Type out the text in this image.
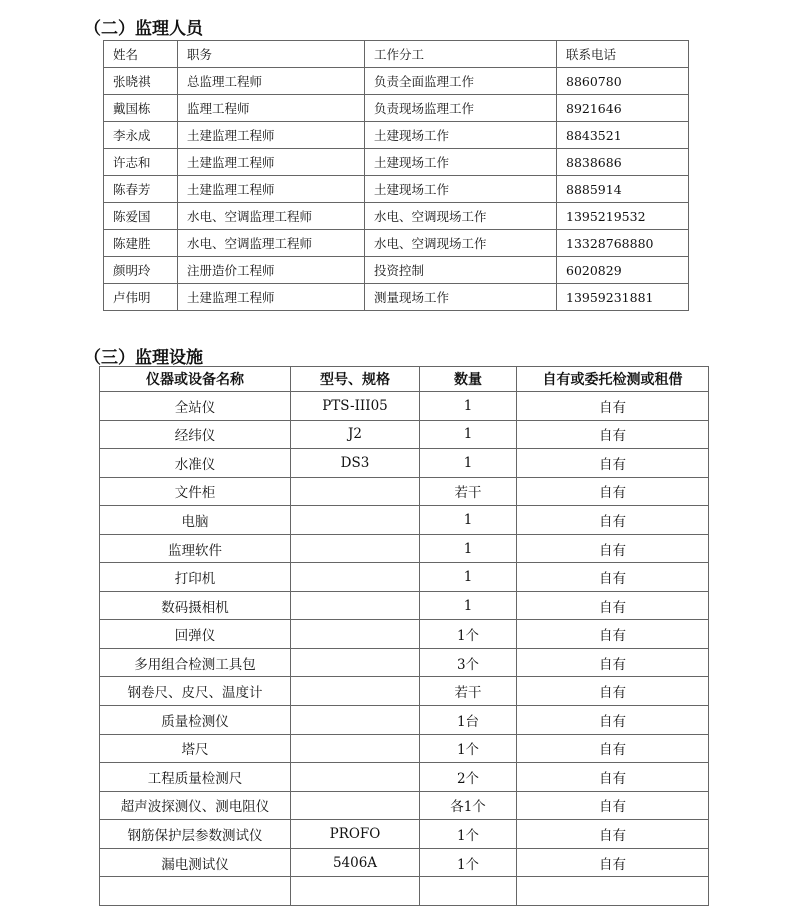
（二）监理人员
姓名	职务	工作分工	联系电话
张晓祺	总监理工程师	负责全面监理工作	8860780
戴国栋	监理工程师	负责现场监理工作	8921646
李永成	土建监理工程师	土建现场工作	8843521
许志和	土建监理工程师	土建现场工作	8838686
陈春芳	土建监理工程师	土建现场工作	8885914
陈爱国	水电、空调监理工程师	水电、空调现场工作	1395219532
陈建胜	水电、空调监理工程师	水电、空调现场工作	13328768880
颜明玲	注册造价工程师	投资控制	6020829
卢伟明	土建监理工程师	测量现场工作	13959231881
（三）监理设施
仪器或设备名称	型号、规格	数量	自有或委托检测或租借
全站仪	PTS-III05	1	自有
经纬仪	J2	1	自有
水准仪	DS3	1	自有
文件柜		若干	自有
电脑		1	自有
监理软件		1	自有
打印机		1	自有
数码摄相机		1	自有
回弹仪		1个	自有
多用组合检测工具包		3个	自有
钢卷尺、皮尺、温度计		若干	自有
质量检测仪		1台	自有
塔尺		1个	自有
工程质量检测尺		2个	自有
超声波探测仪、测电阻仪		各1个	自有
钢筋保护层参数测试仪	PROFO	1个	自有
漏电测试仪	5406A	1个	自有
